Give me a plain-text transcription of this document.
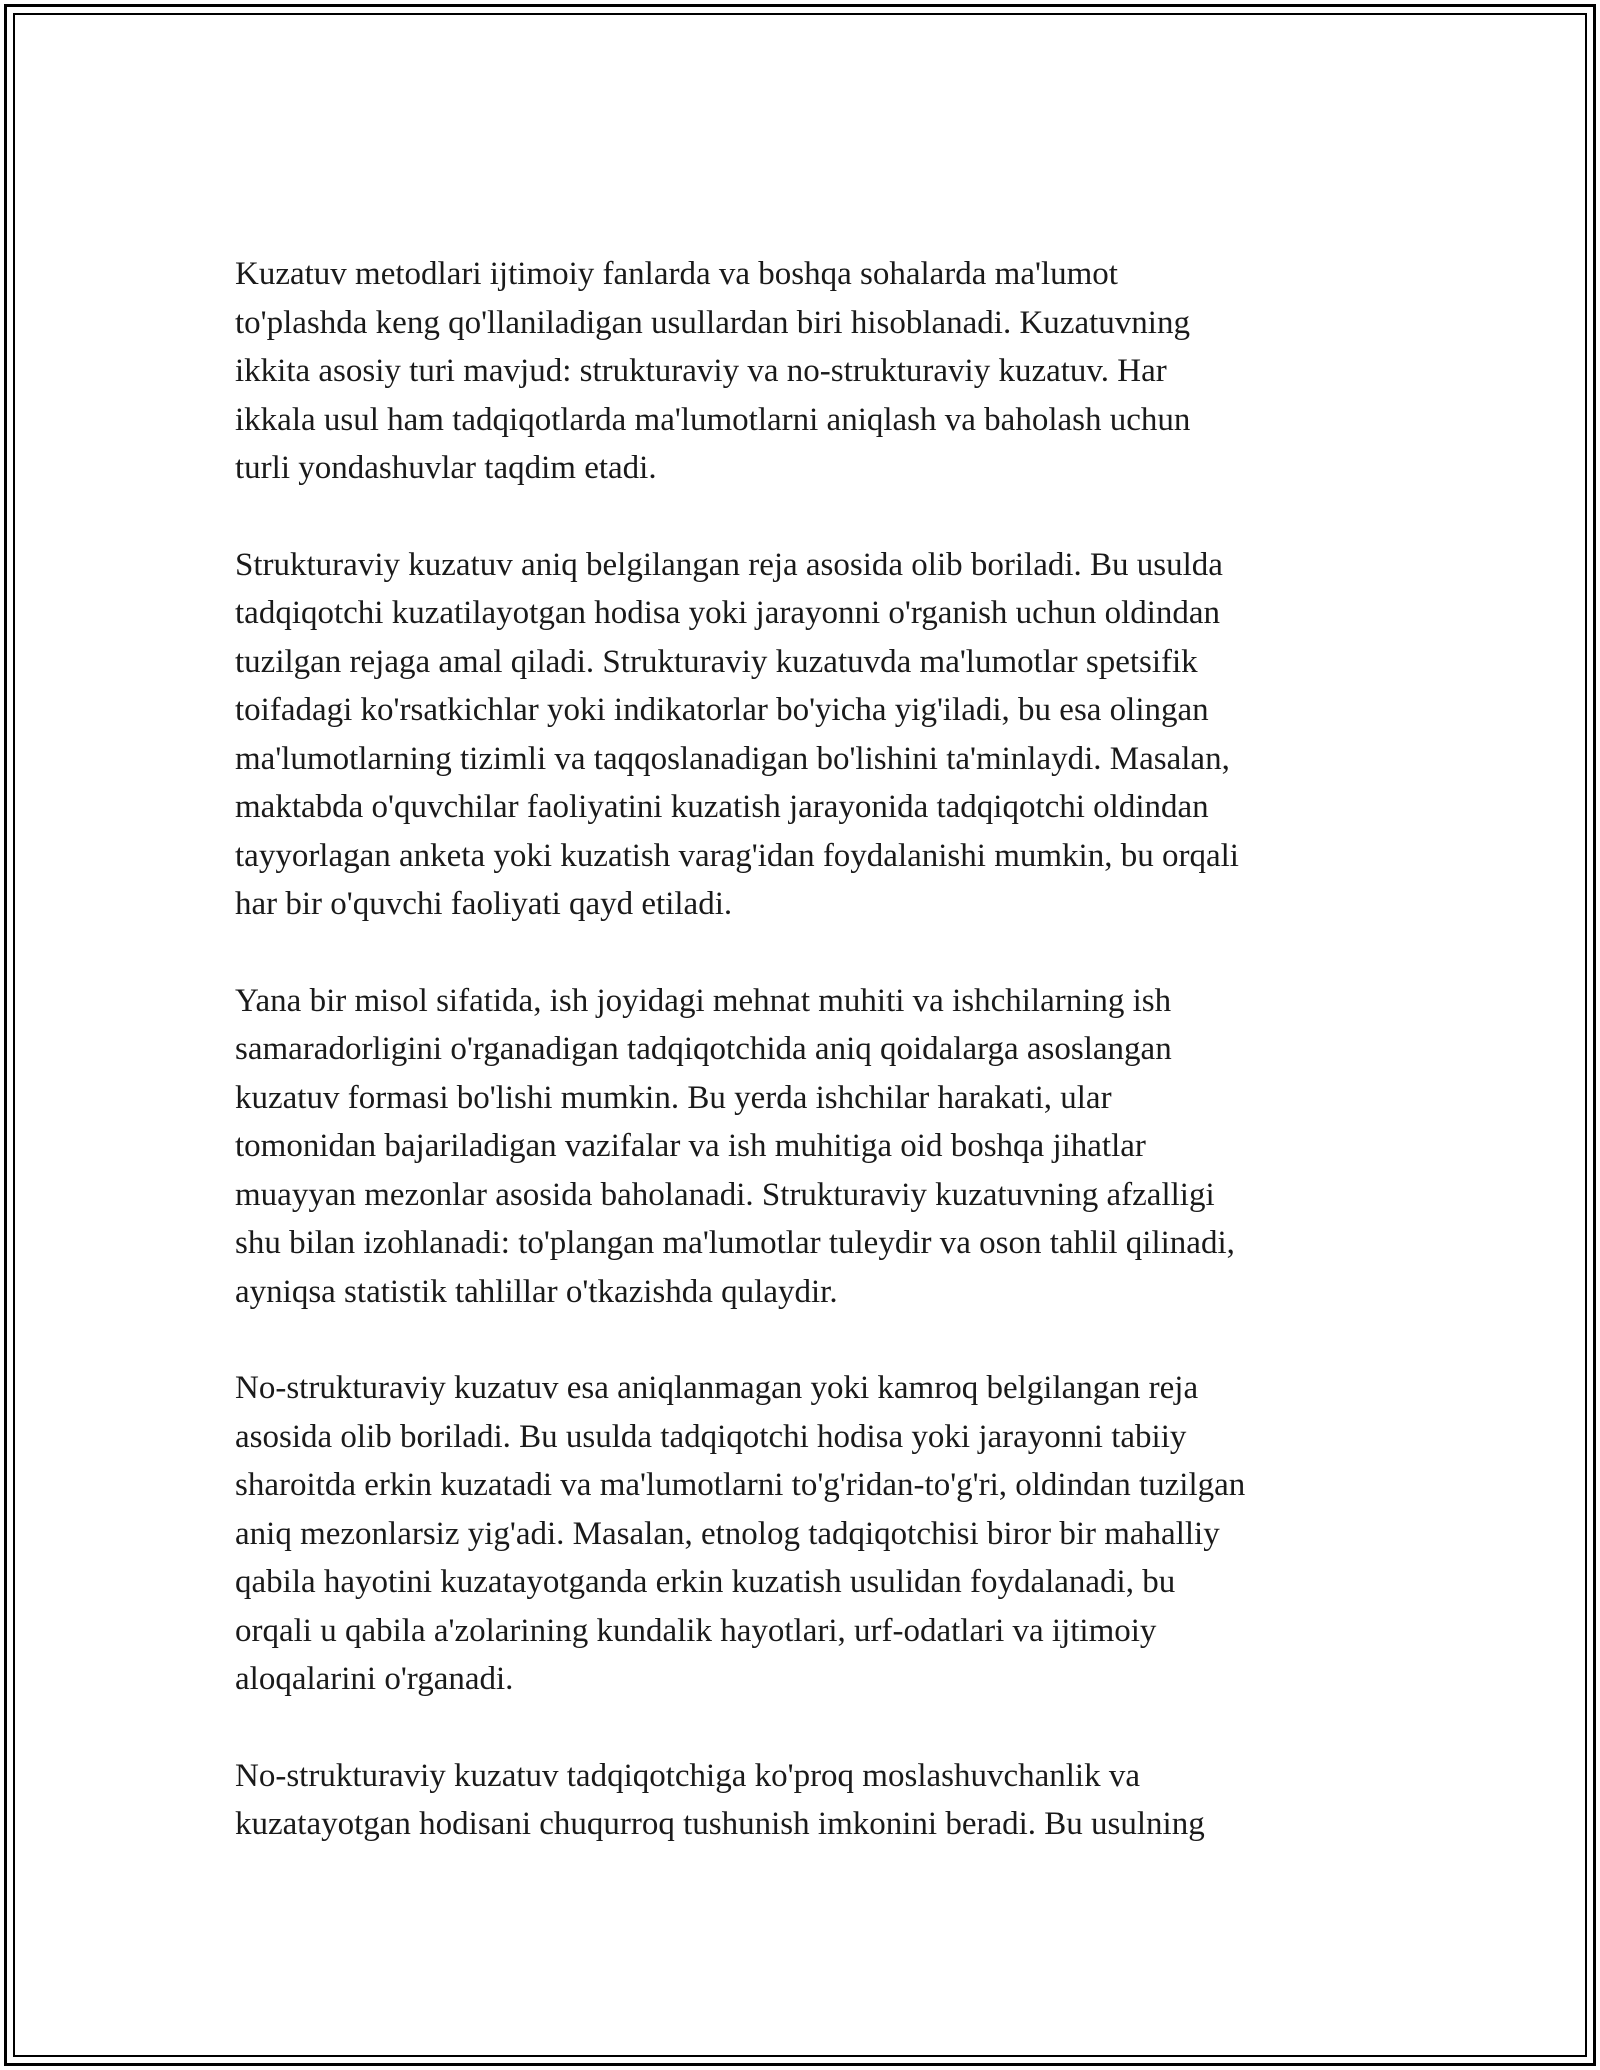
Kuzatuv metodlari ijtimoiy fanlarda va boshqa sohalarda ma'lumot
to'plashda keng qo'llaniladigan usullardan biri hisoblanadi. Kuzatuvning
ikkita asosiy turi mavjud: strukturaviy va no-strukturaviy kuzatuv. Har
ikkala usul ham tadqiqotlarda ma'lumotlarni aniqlash va baholash uchun
turli yondashuvlar taqdim etadi.

Strukturaviy kuzatuv aniq belgilangan reja asosida olib boriladi. Bu usulda
tadqiqotchi kuzatilayotgan hodisa yoki jarayonni o'rganish uchun oldindan
tuzilgan rejaga amal qiladi. Strukturaviy kuzatuvda ma'lumotlar spetsifik
toifadagi ko'rsatkichlar yoki indikatorlar bo'yicha yig'iladi, bu esa olingan
ma'lumotlarning tizimli va taqqoslanadigan bo'lishini ta'minlaydi. Masalan,
maktabda o'quvchilar faoliyatini kuzatish jarayonida tadqiqotchi oldindan
tayyorlagan anketa yoki kuzatish varag'idan foydalanishi mumkin, bu orqali
har bir o'quvchi faoliyati qayd etiladi.

Yana bir misol sifatida, ish joyidagi mehnat muhiti va ishchilarning ish
samaradorligini o'rganadigan tadqiqotchida aniq qoidalarga asoslangan
kuzatuv formasi bo'lishi mumkin. Bu yerda ishchilar harakati, ular
tomonidan bajariladigan vazifalar va ish muhitiga oid boshqa jihatlar
muayyan mezonlar asosida baholanadi. Strukturaviy kuzatuvning afzalligi
shu bilan izohlanadi: to'plangan ma'lumotlar tuleydir va oson tahlil qilinadi,
ayniqsa statistik tahlillar o'tkazishda qulaydir.

No-strukturaviy kuzatuv esa aniqlanmagan yoki kamroq belgilangan reja
asosida olib boriladi. Bu usulda tadqiqotchi hodisa yoki jarayonni tabiiy
sharoitda erkin kuzatadi va ma'lumotlarni to'g'ridan-to'g'ri, oldindan tuzilgan
aniq mezonlarsiz yig'adi. Masalan, etnolog tadqiqotchisi biror bir mahalliy
qabila hayotini kuzatayotganda erkin kuzatish usulidan foydalanadi, bu
orqali u qabila a'zolarining kundalik hayotlari, urf-odatlari va ijtimoiy
aloqalarini o'rganadi.

No-strukturaviy kuzatuv tadqiqotchiga ko'proq moslashuvchanlik va
kuzatayotgan hodisani chuqurroq tushunish imkonini beradi. Bu usulning
